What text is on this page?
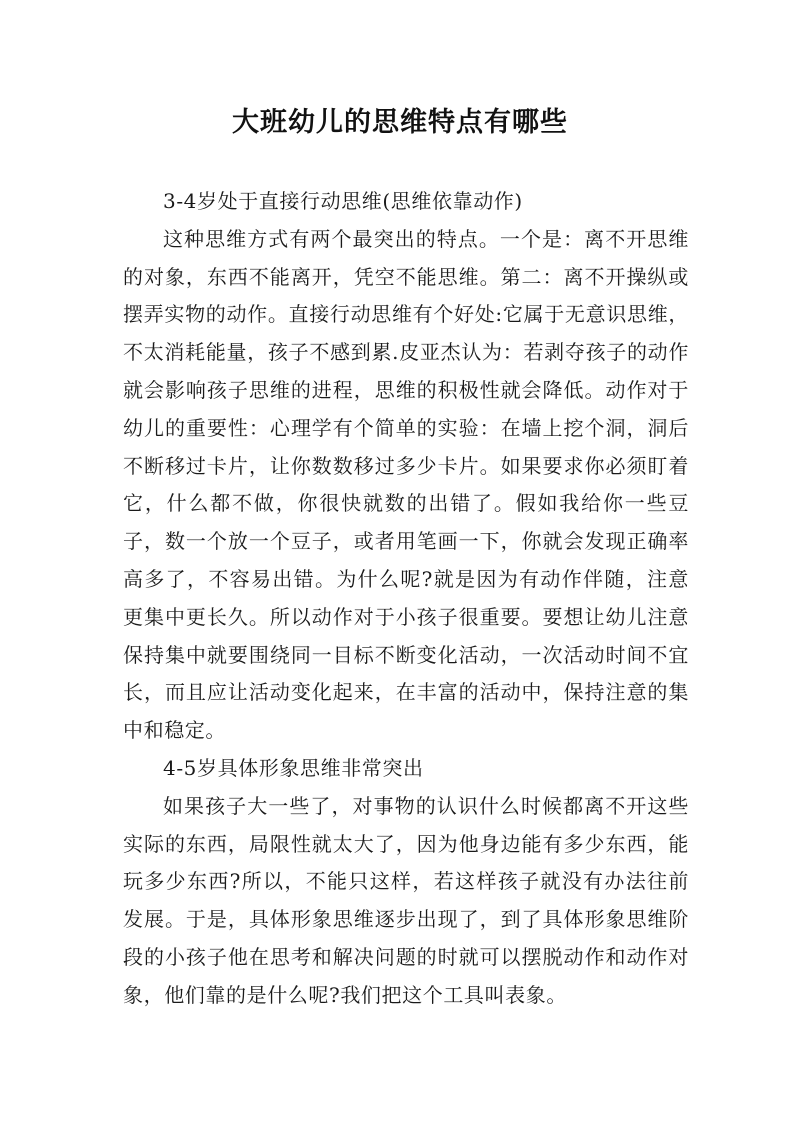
大班幼儿的思维特点有哪些

3-4岁处于直接行动思维(思维依靠动作)

这种思维方式有两个最突出的特点。一个是：离不开思维的对象，东西不能离开，凭空不能思维。第二：离不开操纵或摆弄实物的动作。直接行动思维有个好处:它属于无意识思维，不太消耗能量，孩子不感到累.皮亚杰认为：若剥夺孩子的动作就会影响孩子思维的进程，思维的积极性就会降低。动作对于幼儿的重要性：心理学有个简单的实验：在墙上挖个洞，洞后不断移过卡片，让你数数移过多少卡片。如果要求你必须盯着它，什么都不做，你很快就数的出错了。假如我给你一些豆子，数一个放一个豆子，或者用笔画一下，你就会发现正确率高多了，不容易出错。为什么呢?就是因为有动作伴随，注意更集中更长久。所以动作对于小孩子很重要。要想让幼儿注意保持集中就要围绕同一目标不断变化活动，一次活动时间不宜长，而且应让活动变化起来，在丰富的活动中，保持注意的集中和稳定。

4-5岁具体形象思维非常突出

如果孩子大一些了，对事物的认识什么时候都离不开这些实际的东西，局限性就太大了，因为他身边能有多少东西，能玩多少东西?所以，不能只这样，若这样孩子就没有办法往前发展。于是，具体形象思维逐步出现了，到了具体形象思维阶段的小孩子他在思考和解决问题的时就可以摆脱动作和动作对象，他们靠的是什么呢?我们把这个工具叫表象。
